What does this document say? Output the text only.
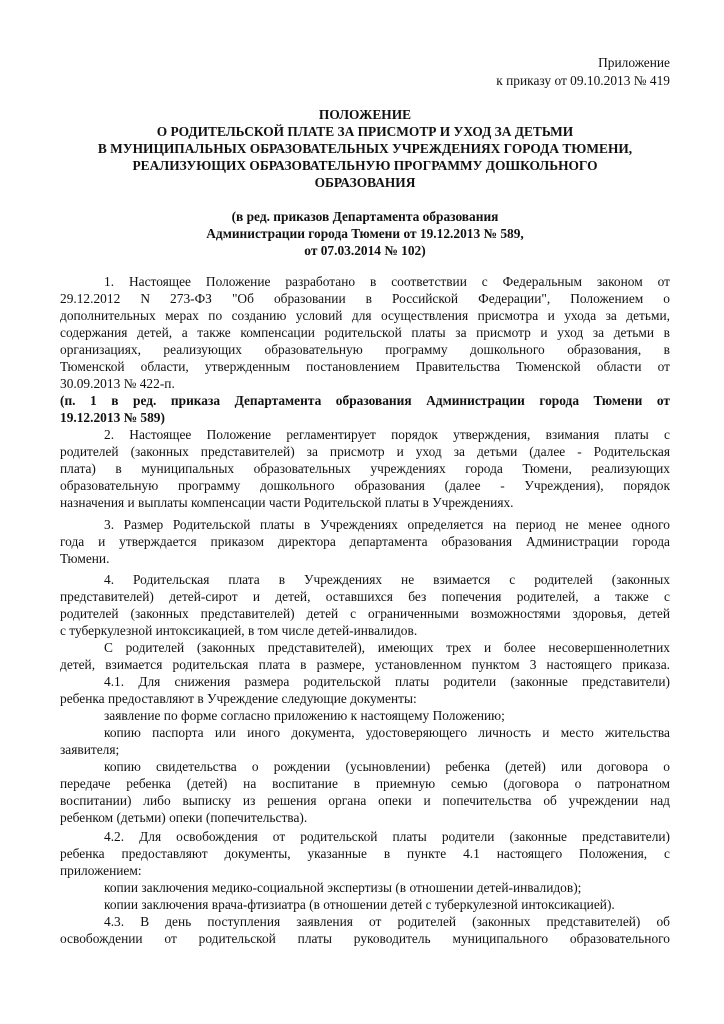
Приложение
к приказу от 09.10.2013 № 419
ПОЛОЖЕНИЕ
О РОДИТЕЛЬСКОЙ ПЛАТЕ ЗА ПРИСМОТР И УХОД ЗА ДЕТЬМИ
В МУНИЦИПАЛЬНЫХ ОБРАЗОВАТЕЛЬНЫХ УЧРЕЖДЕНИЯХ ГОРОДА ТЮМЕНИ,
РЕАЛИЗУЮЩИХ ОБРАЗОВАТЕЛЬНУЮ ПРОГРАММУ ДОШКОЛЬНОГО
ОБРАЗОВАНИЯ
(в ред. приказов Департамента образования
Администрации города Тюмени от 19.12.2013 № 589,
от 07.03.2014 № 102)
1. Настоящее Положение разработано в соответствии с Федеральным законом от
29.12.2012 N 273-ФЗ "Об образовании в Российской Федерации", Положением о
дополнительных мерах по созданию условий для осуществления присмотра и ухода за детьми,
содержания детей, а также компенсации родительской платы за присмотр и уход за детьми в
организациях, реализующих образовательную программу дошкольного образования, в
Тюменской области, утвержденным постановлением Правительства Тюменской области от
30.09.2013 № 422-п.
(п. 1 в ред. приказа Департамента образования Администрации города Тюмени от
19.12.2013 № 589)
2. Настоящее Положение регламентирует порядок утверждения, взимания платы с
родителей (законных представителей) за присмотр и уход за детьми (далее - Родительская
плата) в муниципальных образовательных учреждениях города Тюмени, реализующих
образовательную программу дошкольного образования (далее - Учреждения), порядок
назначения и выплаты компенсации части Родительской платы в Учреждениях.
3. Размер Родительской платы в Учреждениях определяется на период не менее одного
года и утверждается приказом директора департамента образования Администрации города
Тюмени.
4. Родительская плата в Учреждениях не взимается с родителей (законных
представителей) детей-сирот и детей, оставшихся без попечения родителей, а также с
родителей (законных представителей) детей с ограниченными возможностями здоровья, детей
с туберкулезной интоксикацией, в том числе детей-инвалидов.
С родителей (законных представителей), имеющих трех и более несовершеннолетних
детей, взимается родительская плата в размере, установленном пунктом 3 настоящего приказа.
4.1. Для снижения размера родительской платы родители (законные представители)
ребенка предоставляют в Учреждение следующие документы:
заявление по форме согласно приложению к настоящему Положению;
копию паспорта или иного документа, удостоверяющего личность и место жительства
заявителя;
копию свидетельства о рождении (усыновлении) ребенка (детей) или договора о
передаче ребенка (детей) на воспитание в приемную семью (договора о патронатном
воспитании) либо выписку из решения органа опеки и попечительства об учреждении над
ребенком (детьми) опеки (попечительства).
4.2. Для освобождения от родительской платы родители (законные представители)
ребенка предоставляют документы, указанные в пункте 4.1 настоящего Положения, с
приложением:
копии заключения медико-социальной экспертизы (в отношении детей-инвалидов);
копии заключения врача-фтизиатра (в отношении детей с туберкулезной интоксикацией).
4.3. В день поступления заявления от родителей (законных представителей) об
освобождении от родительской платы руководитель муниципального образовательного
